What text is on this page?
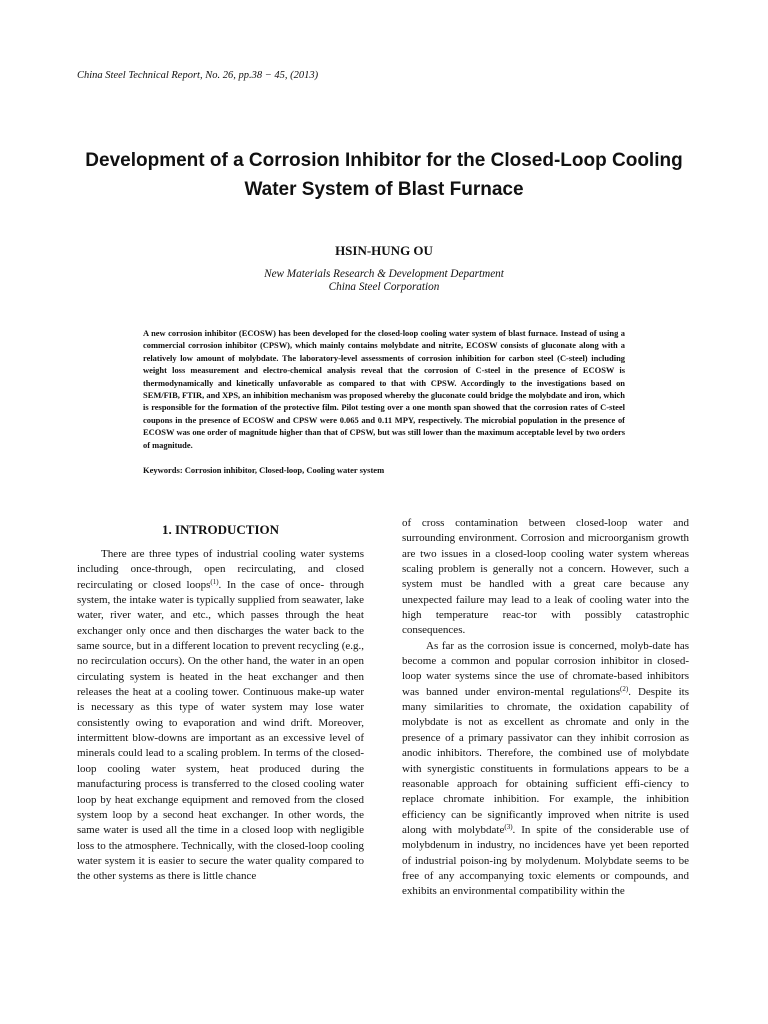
China Steel Technical Report, No. 26, pp.38 − 45, (2013)
Development of a Corrosion Inhibitor for the Closed-Loop Cooling Water System of Blast Furnace
HSIN-HUNG OU
New Materials Research & Development Department
China Steel Corporation
A new corrosion inhibitor (ECOSW) has been developed for the closed-loop cooling water system of blast furnace. Instead of using a commercial corrosion inhibitor (CPSW), which mainly contains molybdate and nitrite, ECOSW consists of gluconate along with a relatively low amount of molybdate. The laboratory-level assessments of corrosion inhibition for carbon steel (C-steel) including weight loss measurement and electro-chemical analysis reveal that the corrosion of C-steel in the presence of ECOSW is thermodynamically and kinetically unfavorable as compared to that with CPSW. Accordingly to the investigations based on SEM/FIB, FTIR, and XPS, an inhibition mechanism was proposed whereby the gluconate could bridge the molybdate and iron, which is responsible for the formation of the protective film. Pilot testing over a one month span showed that the corrosion rates of C-steel coupons in the presence of ECOSW and CPSW were 0.065 and 0.11 MPY, respectively. The microbial population in the presence of ECOSW was one order of magnitude higher than that of CPSW, but was still lower than the maximum acceptable level by two orders of magnitude.
Keywords: Corrosion inhibitor, Closed-loop, Cooling water system
1. INTRODUCTION

There are three types of industrial cooling water systems including once-through, open recirculating, and closed recirculating or closed loops$^{(1)}$. In the case of once- through system, the intake water is typically supplied from seawater, lake water, river water, and etc., which passes through the heat exchanger only once and then discharges the water back to the same source, but in a different location to prevent recycling (e.g., no recirculation occurs). On the other hand, the water in an open circulating system is heated in the heat exchanger and then releases the heat at a cooling tower. Continuous make-up water is necessary as this type of water system may lose water consistently owing to evaporation and wind drift. Moreover, intermittent blow-downs are important as an excessive level of minerals could lead to a scaling problem. In terms of the closed-loop cooling water system, heat produced during the manufacturing process is transferred to the closed cooling water loop by heat exchange equipment and removed from the closed system loop by a second heat exchanger. In other words, the same water is used all the time in a closed loop with negligible loss to the atmosphere. Technically, with the closed-loop cooling water system it is easier to secure the water quality compared to the other systems as there is little chance

of cross contamination between closed-loop water and surrounding environment. Corrosion and microorganism growth are two issues in a closed-loop cooling water system whereas scaling problem is generally not a concern. However, such a system must be handled with a great care because any unexpected failure may lead to a leak of cooling water into the high temperature reac-tor with possibly catastrophic consequences.

As far as the corrosion issue is concerned, molyb-date has become a common and popular corrosion inhibitor in closed-loop water systems since the use of chromate-based inhibitors was banned under environ-mental regulations$^{(2)}$. Despite its many similarities to chromate, the oxidation capability of molybdate is not as excellent as chromate and only in the presence of a primary passivator can they inhibit corrosion as anodic inhibitors. Therefore, the combined use of molybdate with synergistic constituents in formulations appears to be a reasonable approach for obtaining sufficient effi-ciency to replace chromate inhibition. For example, the inhibition efficiency can be significantly improved when nitrite is used along with molybdate$^{(3)}$. In spite of the considerable use of molybdenum in industry, no incidences have yet been reported of industrial poison-ing by molydenum. Molybdate seems to be free of any accompanying toxic elements or compounds, and exhibits an environmental compatibility within the
